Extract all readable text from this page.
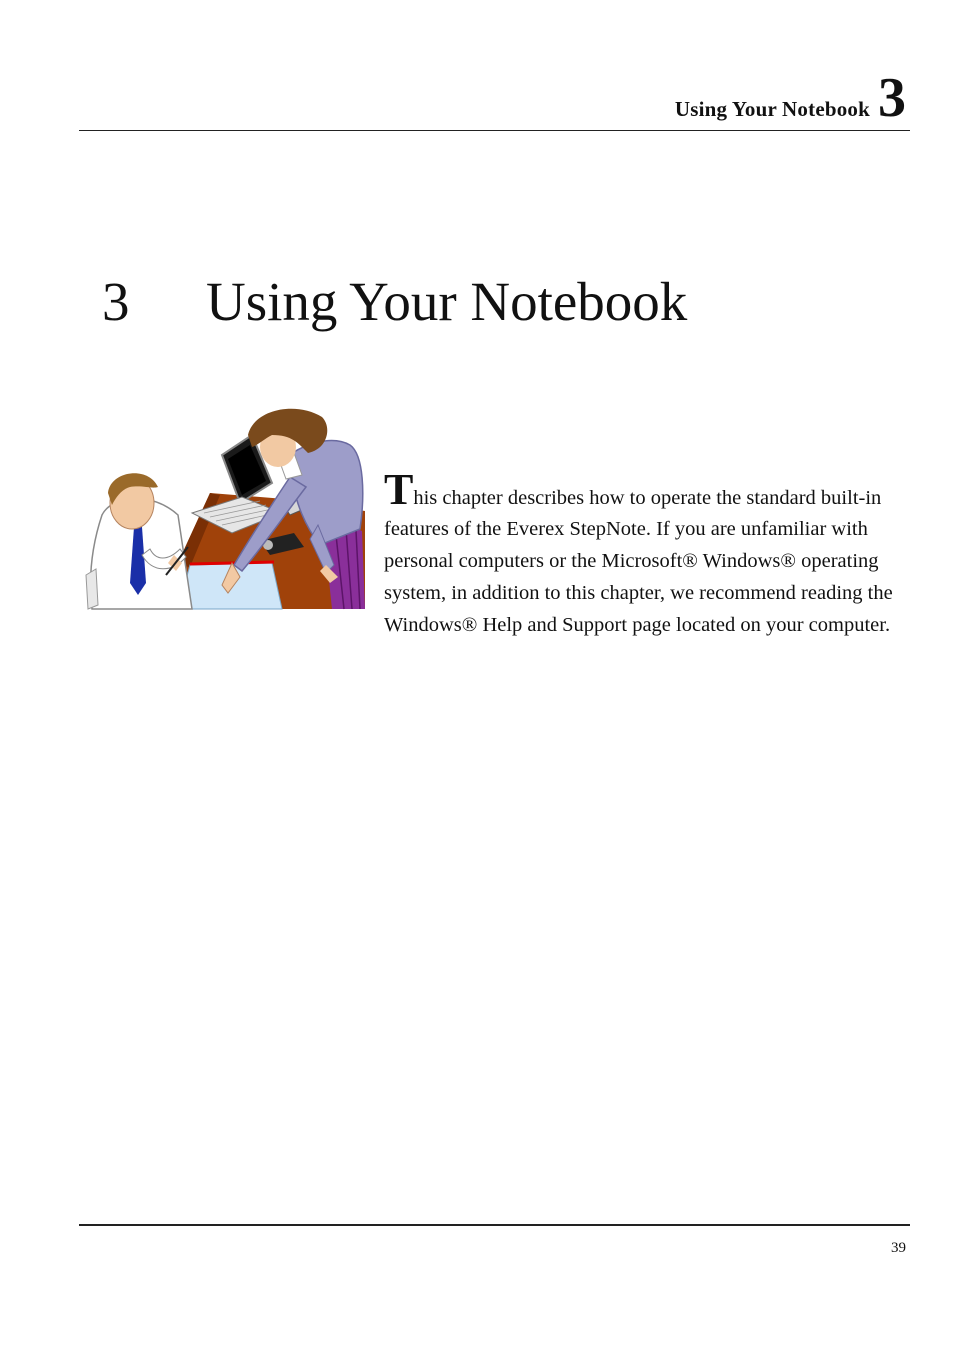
Using Your Notebook 3
3 Using Your Notebook

This chapter describes how to operate the standard built-in features of the Everex StepNote. If you are unfamiliar with personal computers or the Microsoft® Windows® operating system, in addition to this chapter, we recommend reading the Windows® Help and Support page located on your computer.

39
